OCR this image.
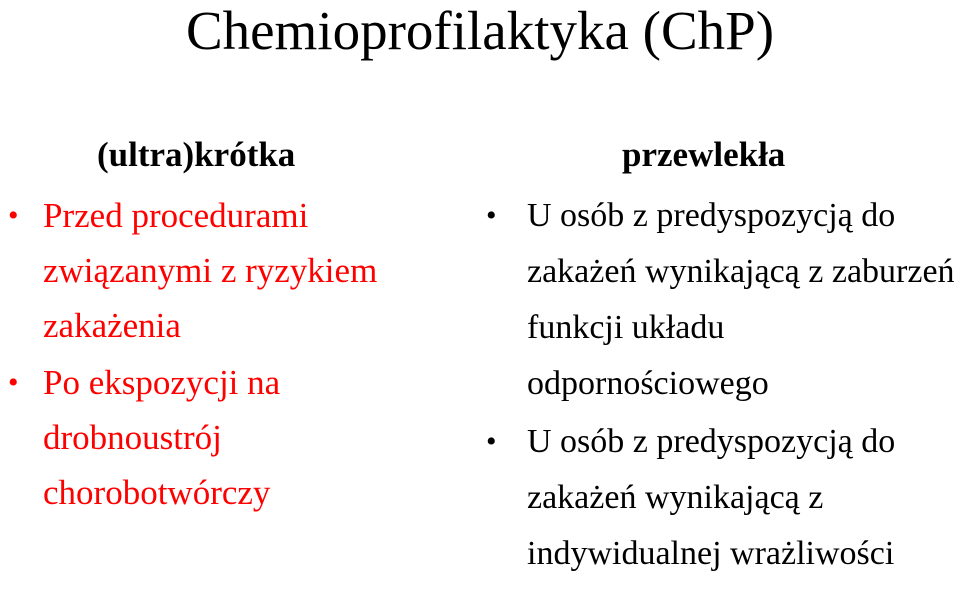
Chemioprofilaktyka (ChP)
(ultra)krótka
• Przed procedurami związanymi z ryzykiem zakażenia
• Po ekspozycji na drobnoustrój chorobotwórczy
przewlekła
• U osób z predyspozycją do zakażeń wynikającą z zaburzeń funkcji układu odpornościowego
• U osób z predyspozycją do zakażeń wynikającą z indywidualnej wrażliwości
